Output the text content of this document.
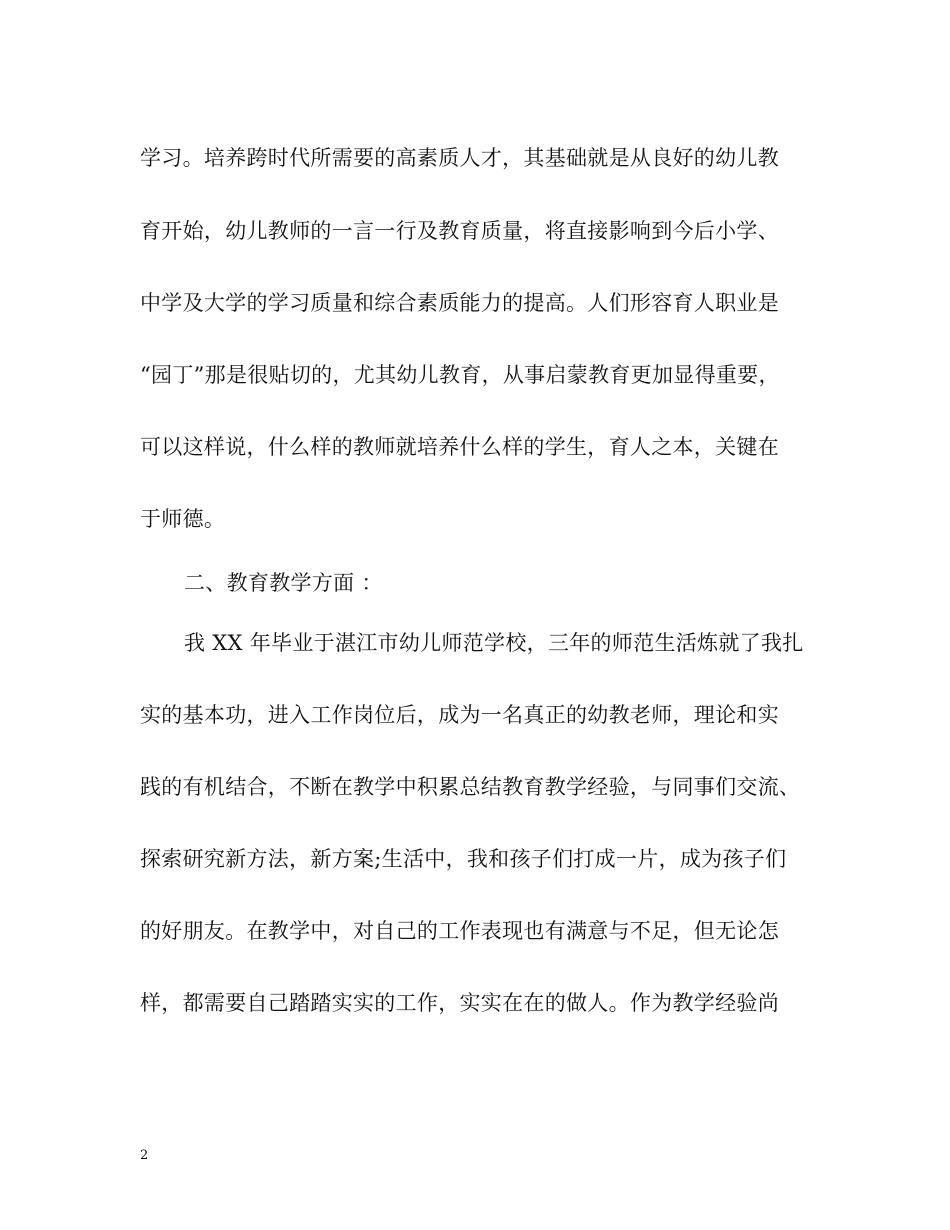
学习。培养跨时代所需要的高素质人才，其基础就是从良好的幼儿教
育开始，幼儿教师的一言一行及教育质量，将直接影响到今后小学、
中学及大学的学习质量和综合素质能力的提高。人们形容育人职业是
“园丁”那是很贴切的，尤其幼儿教育，从事启蒙教育更加显得重要，
可以这样说，什么样的教师就培养什么样的学生，育人之本，关键在
于师德。
二、教育教学方面 ：
我 XX 年毕业于湛江市幼儿师范学校，三年的师范生活炼就了我扎
实的基本功，进入工作岗位后，成为一名真正的幼教老师，理论和实
践的有机结合，不断在教学中积累总结教育教学经验，与同事们交流、
探索研究新方法，新方案;生活中，我和孩子们打成一片，成为孩子们
的好朋友。在教学中，对自己的工作表现也有满意与不足，但无论怎
样，都需要自己踏踏实实的工作，实实在在的做人。作为教学经验尚
2
